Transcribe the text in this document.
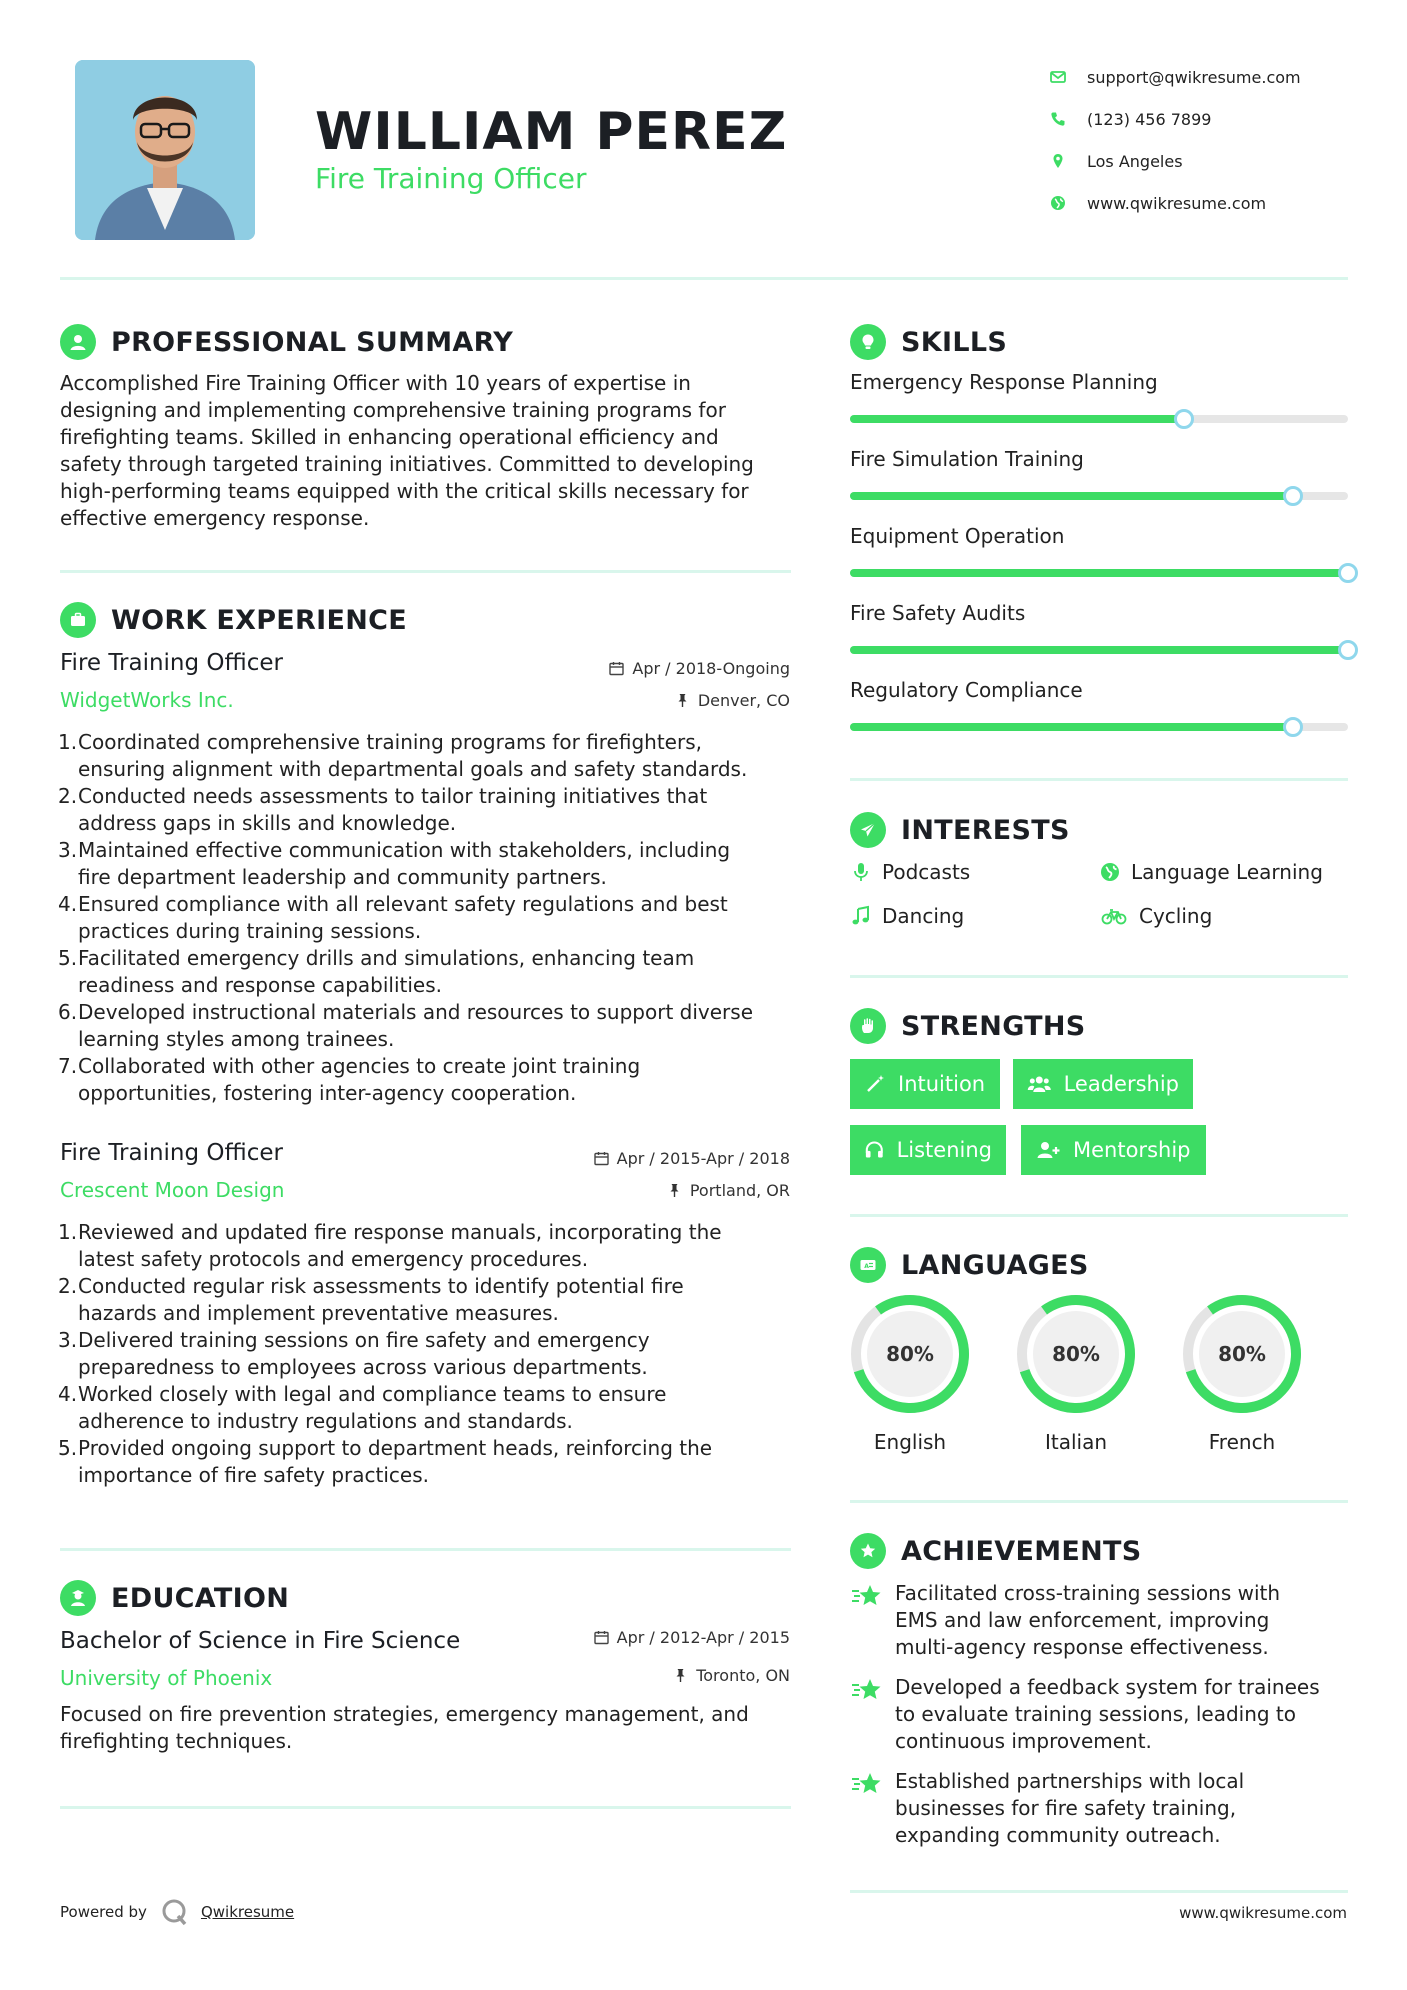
WILLIAM PEREZ
Fire Training Officer
support@qwikresume.com
(123) 456 7899
Los Angeles
www.qwikresume.com
PROFESSIONAL SUMMARY
Accomplished Fire Training Officer with 10 years of expertise in
designing and implementing comprehensive training programs for
firefighting teams. Skilled in enhancing operational efficiency and
safety through targeted training initiatives. Committed to developing
high-performing teams equipped with the critical skills necessary for
effective emergency response.
WORK EXPERIENCE
Fire Training Officer
WidgetWorks Inc.
Apr / 2018-Ongoing
Denver, CO
1. Coordinated comprehensive training programs for firefighters,
ensuring alignment with departmental goals and safety standards.
2. Conducted needs assessments to tailor training initiatives that
address gaps in skills and knowledge.
3. Maintained effective communication with stakeholders, including
fire department leadership and community partners.
4. Ensured compliance with all relevant safety regulations and best
practices during training sessions.
5. Facilitated emergency drills and simulations, enhancing team
readiness and response capabilities.
6. Developed instructional materials and resources to support diverse
learning styles among trainees.
7. Collaborated with other agencies to create joint training
opportunities, fostering inter-agency cooperation.
Fire Training Officer
Crescent Moon Design
Apr / 2015-Apr / 2018
Portland, OR
1. Reviewed and updated fire response manuals, incorporating the
latest safety protocols and emergency procedures.
2. Conducted regular risk assessments to identify potential fire
hazards and implement preventative measures.
3. Delivered training sessions on fire safety and emergency
preparedness to employees across various departments.
4. Worked closely with legal and compliance teams to ensure
adherence to industry regulations and standards.
5. Provided ongoing support to department heads, reinforcing the
importance of fire safety practices.
EDUCATION
Bachelor of Science in Fire Science
University of Phoenix
Apr / 2012-Apr / 2015
Toronto, ON
Focused on fire prevention strategies, emergency management, and
firefighting techniques.
SKILLS
Emergency Response Planning
Fire Simulation Training
Equipment Operation
Fire Safety Audits
Regulatory Compliance
INTERESTS
Podcasts	Language Learning
Dancing	Cycling
STRENGTHS
Intuition	Leadership
Listening	Mentorship
A LANGUAGES
80%
English
80%
Italian
80%
French
ACHIEVEMENTS
Facilitated cross-training sessions with
EMS and law enforcement, improving
multi-agency response effectiveness.
Developed a feedback system for trainees
to evaluate training sessions, leading to
continuous improvement.
Established partnerships with local
businesses for fire safety training,
expanding community outreach.
Powered by	Qwikresume	www.qwikresume.com
